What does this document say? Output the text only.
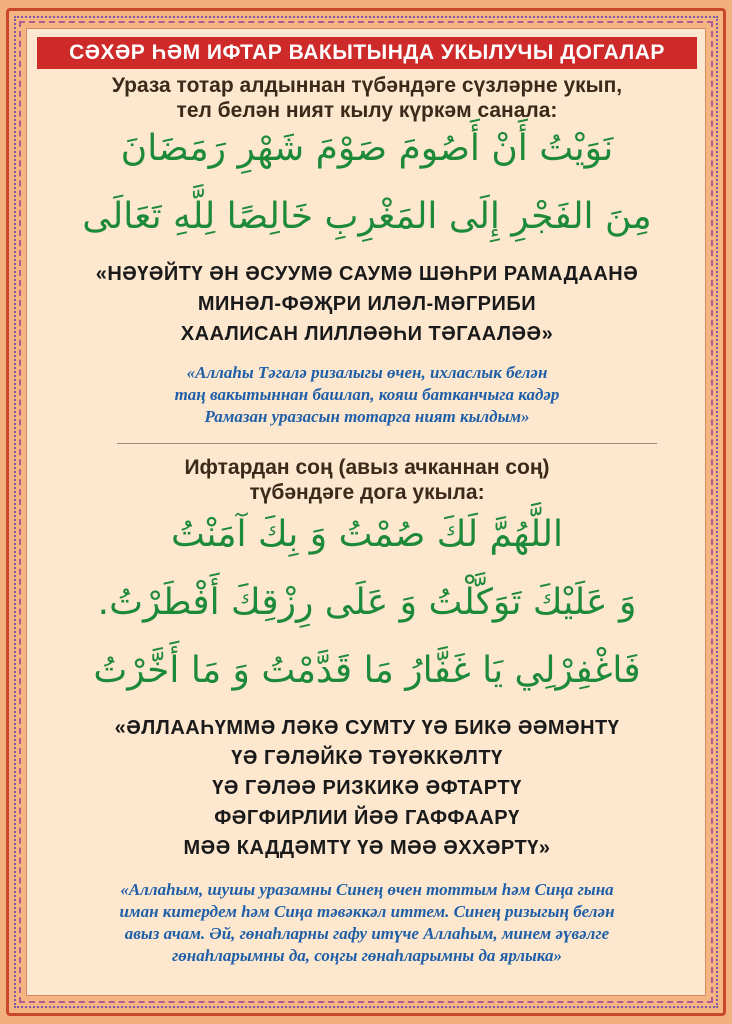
СӘХӘР ҺӘМ ИФТАР ВАКЫТЫНДА УКЫЛУЧЫ ДОГАЛАР
Ураза тотар алдыннан түбәндәге сүзләрне укып,
тел белән ният кылу күркәм санала:
نَوَيْتُ أَنْ أَصُومَ صَوْمَ شَهْرِ رَمَضَانَ
مِنَ الفَجْرِ إِلَى المَغْرِبِ خَالِصًا لِلَّهِ تَعَالَى
«НӘҮӘЙТҮ ӘН ӘСУУМӘ САУМӘ ШӘҺРИ РАМАДААНӘ
МИНӘЛ-ФӘҖРИ ИЛӘЛ-МӘГРИБИ
ХААЛИСАН ЛИЛЛӘӘҺИ ТӘГААЛӘӘ»
«Аллаһы Тәгалә ризалыгы өчен, ихласлык белән
таң вакытыннан башлап, кояш батканчыга кадәр
Рамазан уразасын тотарга ният кылдым»
Ифтардан соң (авыз ачканнан соң)
түбәндәге дога укыла:
اللَّهُمَّ لَكَ صُمْتُ وَ بِكَ آمَنْتُ
وَ عَلَيْكَ تَوَكَّلْتُ وَ عَلَى رِزْقِكَ أَفْطَرْتُ.
فَاغْفِرْلِي يَا غَفَّارُ مَا قَدَّمْتُ وَ مَا أَخَّرْتُ
«ӘЛЛААҺҮММӘ ЛӘКӘ СУМТУ ҮӘ БИКӘ ӘӘМӘНТҮ
ҮӘ ГӘЛӘЙКӘ ТӘҮӘККӘЛТҮ
ҮӘ ГӘЛӘӘ РИЗКИКӘ ӘФТАРТҮ
ФӘГФИРЛИИ ЙӘӘ ГАФФААРҮ
МӘӘ КАДДӘМТҮ ҮӘ МӘӘ ӘХХӘРТҮ»
«Аллаһым, шушы уразамны Синең өчен тоттым һәм Сиңа гына
иман китердем һәм Сиңа тәвәккәл иттем. Синең ризыгың белән
авыз ачам. Әй, гөнаһларны гафу итүче Аллаһым, минем әүвәлге
гөнаһларымны да, соңгы гөнаһларымны да ярлыка»
